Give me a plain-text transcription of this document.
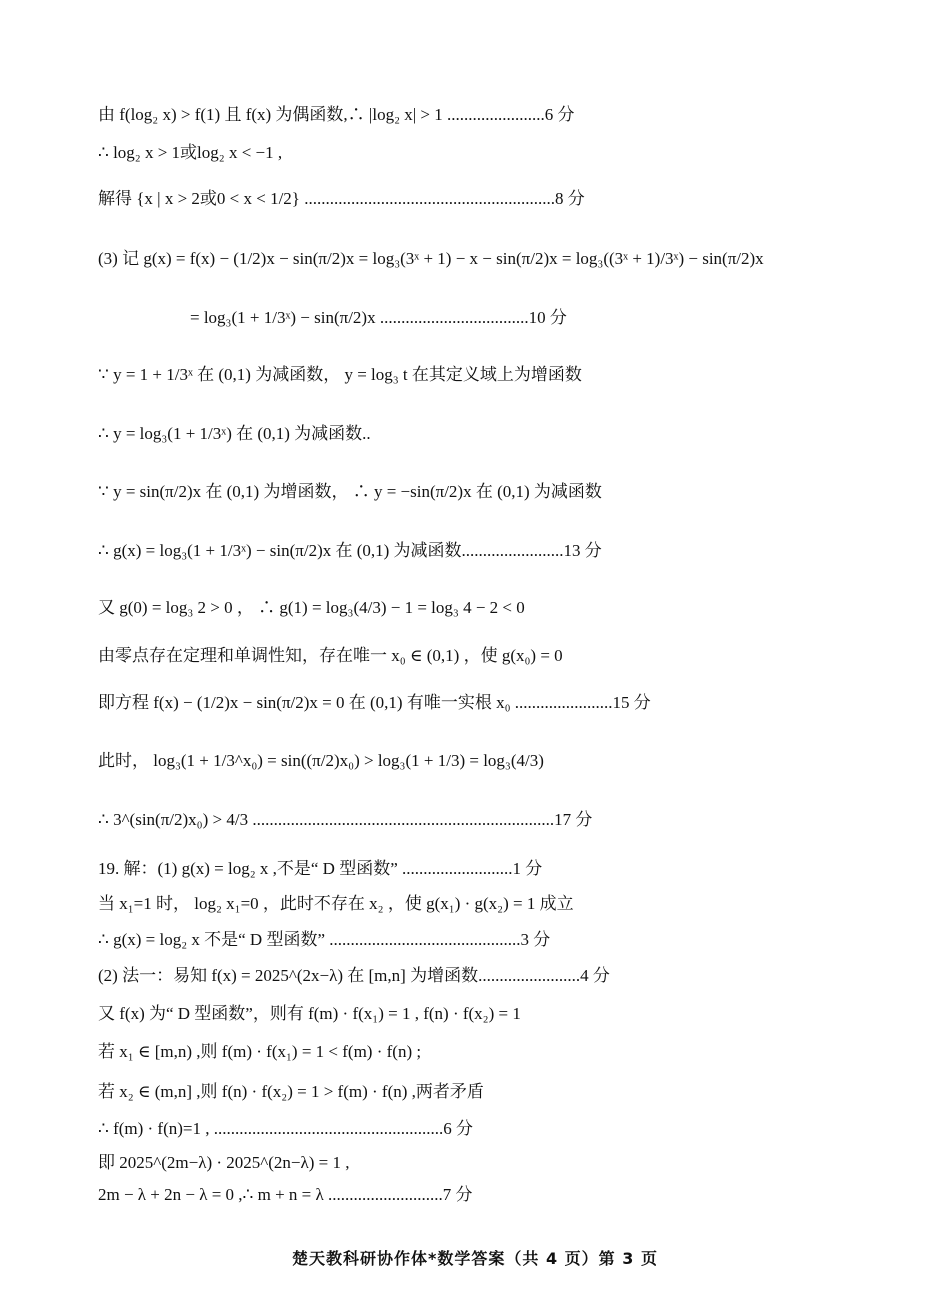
由 f(log₂ x) > f(1) 且 f(x) 为偶函数,∴ |log₂ x| > 1 .......................6 分
∴ log₂ x > 1或log₂ x < −1 ,
解得 {x | x > 2或0 < x < 1/2} ...........................................................8 分
(3) 记 g(x) = f(x) − (1/2)x − sin(π/2)x = log₃(3ˣ + 1) − x − sin(π/2)x = log₃((3ˣ + 1)/3ˣ) − sin(π/2)x
= log₃(1 + 1/3ˣ) − sin(π/2)x ...................................10 分
∵ y = 1 + 1/3ˣ 在 (0,1) 为减函数， y = log₃ t 在其定义域上为增函数
∴ y = log₃(1 + 1/3ˣ) 在 (0,1) 为减函数..
∵ y = sin(π/2)x 在 (0,1) 为增函数， ∴ y = −sin(π/2)x 在 (0,1) 为减函数
∴ g(x) = log₃(1 + 1/3ˣ) − sin(π/2)x 在 (0,1) 为减函数........................13 分
又 g(0) = log₃ 2 > 0 ， ∴ g(1) = log₃(4/3) − 1 = log₃ 4 − 2 < 0
由零点存在定理和单调性知，存在唯一 x₀ ∈ (0,1) ，使 g(x₀) = 0
即方程 f(x) − (1/2)x − sin(π/2)x = 0 在 (0,1) 有唯一实根 x₀ .......................15 分
此时， log₃(1 + 1/3^x₀) = sin((π/2)x₀) > log₃(1 + 1/3) = log₃(4/3)
∴ 3^(sin(π/2)x₀) > 4/3 .......................................................................17 分
19. 解：(1) g(x) = log₂ x ,不是“ D 型函数” ..........................1 分
当 x₁=1 时， log₂ x₁=0 ，此时不存在 x₂ ，使 g(x₁) · g(x₂) = 1 成立
∴ g(x) = log₂ x 不是“ D 型函数” .............................................3 分
(2) 法一：易知 f(x) = 2025^(2x−λ) 在 [m,n] 为增函数........................4 分
又 f(x) 为“ D 型函数”，则有 f(m) · f(x₁) = 1 , f(n) · f(x₂) = 1
若 x₁ ∈ [m,n) ,则 f(m) · f(x₁) = 1 < f(m) · f(n) ;
若 x₂ ∈ (m,n] ,则 f(n) · f(x₂) = 1 > f(m) · f(n) ,两者矛盾
∴ f(m) · f(n)=1 , ......................................................6 分
即 2025^(2m−λ) · 2025^(2n−λ) = 1 ,
2m − λ + 2n − λ = 0 ,∴ m + n = λ ...........................7 分
楚天教科研协作体*数学答案（共 4 页）第 3 页
